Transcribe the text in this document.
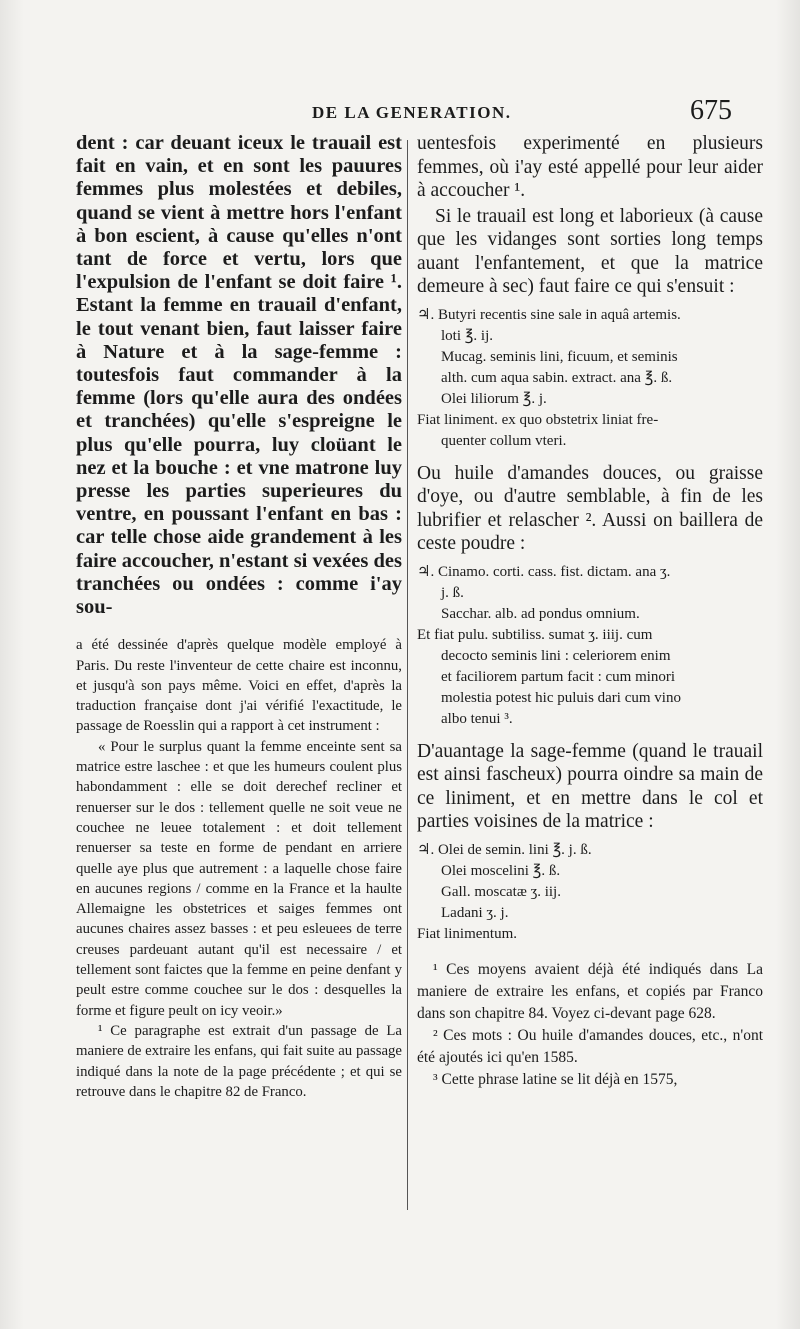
DE LA GENERATION.	675

dent : car deuant iceux le trauail est fait en vain, et en sont les pauures femmes plus molestées et debiles, quand se vient à mettre hors l'enfant à bon escient, à cause qu'elles n'ont tant de force et vertu, lors que l'expulsion de l'enfant se doit faire ¹. Estant la femme en trauail d'enfant, le tout venant bien, faut laisser faire à Nature et à la sage-femme : toutesfois faut commander à la femme (lors qu'elle aura des ondées et tranchées) qu'elle s'espreigne le plus qu'elle pourra, luy cloüant le nez et la bouche : et vne matrone luy presse les parties superieures du ventre, en poussant l'enfant en bas : car telle chose aide grandement à les faire accoucher, n'estant si vexées des tranchées ou ondées : comme i'ay sou-

a été dessinée d'après quelque modèle employé à Paris. Du reste l'inventeur de cette chaire est inconnu, et jusqu'à son pays même. Voici en effet, d'après la traduction française dont j'ai vérifié l'exactitude, le passage de Roesslin qui a rapport à cet instrument :

« Pour le surplus quant la femme enceinte sent sa matrice estre laschee : et que les humeurs coulent plus habondamment : elle se doit derechef recliner et renuerser sur le dos : tellement quelle ne soit veue ne couchee ne leuee totalement : et doit tellement renuerser sa teste en forme de pendant en arriere quelle aye plus que autrement : a laquelle chose faire en aucunes regions / comme en la France et la haulte Allemaigne les obstetrices et saiges femmes ont aucunes chaires assez basses : et peu esleuees de terre creuses pardeuant autant qu'il est necessaire / et tellement sont faictes que la femme en peine denfant y peult estre comme couchee sur le dos : desquelles la forme et figure peult on icy veoir.»

¹ Ce paragraphe est extrait d'un passage de La maniere de extraire les enfans, qui fait suite au passage indiqué dans la note de la page précédente ; et qui se retrouve dans le chapitre 82 de Franco.

uentesfois experimenté en plusieurs femmes, où i'ay esté appellé pour leur aider à accoucher ¹.

Si le trauail est long et laborieux (à cause que les vidanges sont sorties long temps auant l'enfantement, et que la matrice demeure à sec) faut faire ce qui s'ensuit :

♃. Butyri recentis sine sale in aquâ artemis.
loti ℥. ij.
Mucag. seminis lini, ficuum, et seminis
alth. cum aqua sabin. extract. ana ℥. ß.
Olei liliorum ℥. j.
Fiat liniment. ex quo obstetrix liniat fre-
quenter collum vteri.

Ou huile d'amandes douces, ou graisse d'oye, ou d'autre semblable, à fin de les lubrifier et relascher ². Aussi on baillera de ceste poudre :

♃. Cinamo. corti. cass. fist. dictam. ana ʒ.
j. ß.
Sacchar. alb. ad pondus omnium.
Et fiat pulu. subtiliss. sumat ʒ. iiij. cum
decocto seminis lini : celeriorem enim
et faciliorem partum facit : cum minori
molestia potest hic puluis dari cum vino
albo tenui ³.

D'auantage la sage-femme (quand le trauail est ainsi fascheux) pourra oindre sa main de ce liniment, et en mettre dans le col et parties voisines de la matrice :

♃. Olei de semin. lini ℥. j. ß.
Olei moscelini ℥. ß.
Gall. moscatæ ʒ. iij.
Ladani ʒ. j.
Fiat linimentum.

¹ Ces moyens avaient déjà été indiqués dans La maniere de extraire les enfans, et copiés par Franco dans son chapitre 84. Voyez ci-devant page 628.

² Ces mots : Ou huile d'amandes douces, etc., n'ont été ajoutés ici qu'en 1585.

³ Cette phrase latine se lit déjà en 1575,
